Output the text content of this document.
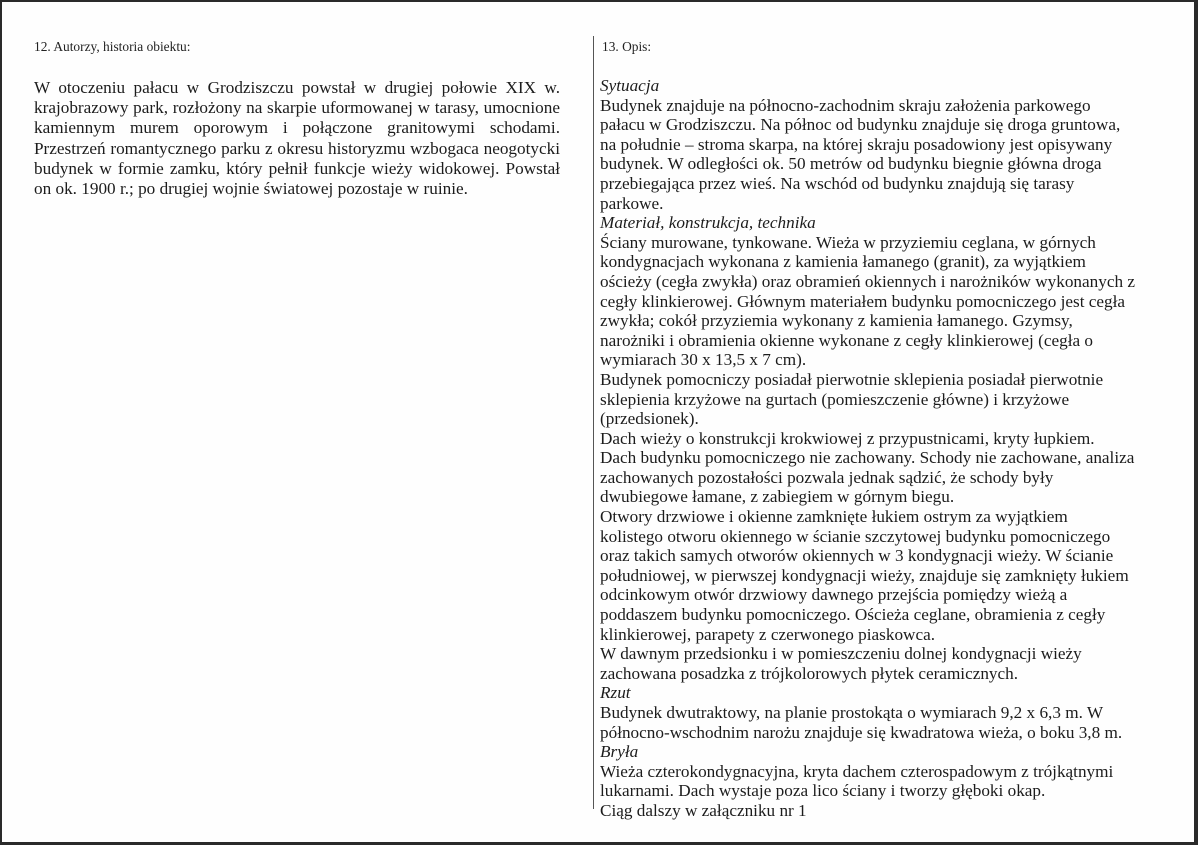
12. Autorzy, historia obiektu:

W otoczeniu pałacu w Grodziszczu powstał w drugiej połowie XIX w. krajobrazowy park, rozłożony na skarpie uformowanej w tarasy, umocnione kamiennym murem oporowym i połączone granitowymi schodami. Przestrzeń romantycznego parku z okresu historyzmu wzbogaca neogotycki budynek w formie zamku, który pełnił funkcje wieży widokowej. Powstał on ok. 1900 r.; po drugiej wojnie światowej pozostaje w ruinie.

13. Opis:

Sytuacja

Budynek znajduje na północno-zachodnim skraju założenia parkowego pałacu w Grodziszczu. Na północ od budynku znajduje się droga gruntowa, na południe – stroma skarpa, na której skraju posadowiony jest opisywany budynek. W odległości ok. 50 metrów od budynku biegnie główna droga przebiegająca przez wieś. Na wschód od budynku znajdują się tarasy parkowe.

Materiał, konstrukcja, technika

Ściany murowane, tynkowane. Wieża w przyziemiu ceglana, w górnych kondygnacjach wykonana z kamienia łamanego (granit), za wyjątkiem ościeży (cegła zwykła) oraz obramień okiennych i narożników wykonanych z cegły klinkierowej. Głównym materiałem budynku pomocniczego jest cegła zwykła; cokół przyziemia wykonany z kamienia łamanego. Gzymsy, narożniki i obramienia okienne wykonane z cegły klinkierowej (cegła o wymiarach 30 x 13,5 x 7 cm).

Budynek pomocniczy posiadał pierwotnie sklepienia posiadał pierwotnie sklepienia krzyżowe na gurtach (pomieszczenie główne) i krzyżowe (przedsionek).

Dach wieży o konstrukcji krokwiowej z przypustnicami, kryty łupkiem. Dach budynku pomocniczego nie zachowany. Schody nie zachowane, analiza zachowanych pozostałości pozwala jednak sądzić, że schody były dwubiegowe łamane, z zabiegiem w górnym biegu.

Otwory drzwiowe i okienne zamknięte łukiem ostrym za wyjątkiem kolistego otworu okiennego w ścianie szczytowej budynku pomocniczego oraz takich samych otworów okiennych w 3 kondygnacji wieży. W ścianie południowej, w pierwszej kondygnacji wieży, znajduje się zamknięty łukiem odcinkowym otwór drzwiowy dawnego przejścia pomiędzy wieżą a poddaszem budynku pomocniczego. Ościeża ceglane, obramienia z cegły klinkierowej, parapety z czerwonego piaskowca.

W dawnym przedsionku i w pomieszczeniu dolnej kondygnacji wieży zachowana posadzka z trójkolorowych płytek ceramicznych.

Rzut

Budynek dwutraktowy, na planie prostokąta o wymiarach 9,2 x 6,3 m. W północno-wschodnim narożu znajduje się kwadratowa wieża, o boku 3,8 m.

Bryła

Wieża czterokondygnacyjna, kryta dachem czterospadowym z trójkątnymi lukarnami. Dach wystaje poza lico ściany i tworzy głęboki okap.

Ciąg dalszy w załączniku nr 1
